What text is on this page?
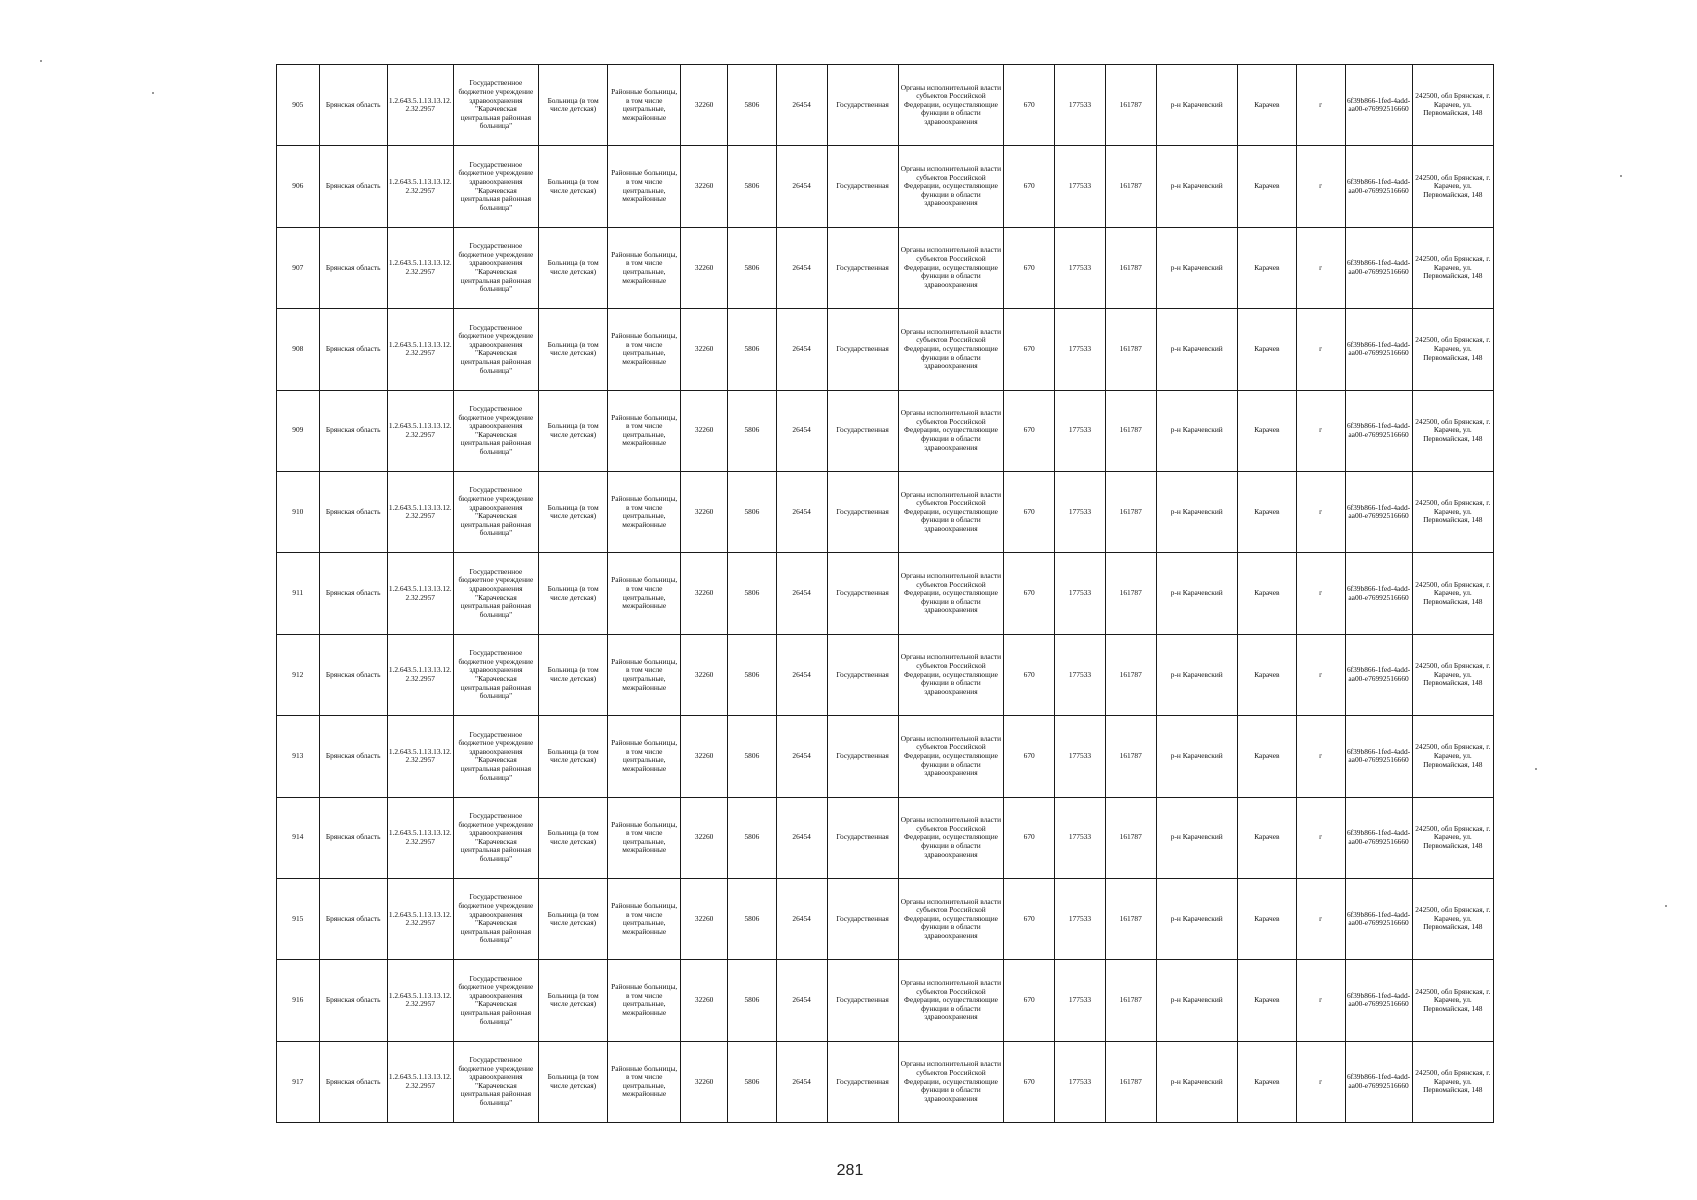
905	Брянская область	1.2.643.5.1.13.13.12.2.32.2957	Государственное бюджетное учреждение здравоохранения "Карачевская центральная районная больница"	Больница (в том числе детская)	Районные больницы, в том числе центральные, межрайонные	32260	5806	26454	Государственная	Органы исполнительной власти субъектов Российской Федерации, осуществляющие функции в области здравоохранения	670	177533	161787	р-н Карачевский	Карачев	г	6f39b866-1fed-4add-aa00-e76992516660	242500, обл Брянская, г. Карачев, ул. Первомайская, 148
906	Брянская область	1.2.643.5.1.13.13.12.2.32.2957	Государственное бюджетное учреждение здравоохранения "Карачевская центральная районная больница"	Больница (в том числе детская)	Районные больницы, в том числе центральные, межрайонные	32260	5806	26454	Государственная	Органы исполнительной власти субъектов Российской Федерации, осуществляющие функции в области здравоохранения	670	177533	161787	р-н Карачевский	Карачев	г	6f39b866-1fed-4add-aa00-e76992516660	242500, обл Брянская, г. Карачев, ул. Первомайская, 148
907	Брянская область	1.2.643.5.1.13.13.12.2.32.2957	Государственное бюджетное учреждение здравоохранения "Карачевская центральная районная больница"	Больница (в том числе детская)	Районные больницы, в том числе центральные, межрайонные	32260	5806	26454	Государственная	Органы исполнительной власти субъектов Российской Федерации, осуществляющие функции в области здравоохранения	670	177533	161787	р-н Карачевский	Карачев	г	6f39b866-1fed-4add-aa00-e76992516660	242500, обл Брянская, г. Карачев, ул. Первомайская, 148
908	Брянская область	1.2.643.5.1.13.13.12.2.32.2957	Государственное бюджетное учреждение здравоохранения "Карачевская центральная районная больница"	Больница (в том числе детская)	Районные больницы, в том числе центральные, межрайонные	32260	5806	26454	Государственная	Органы исполнительной власти субъектов Российской Федерации, осуществляющие функции в области здравоохранения	670	177533	161787	р-н Карачевский	Карачев	г	6f39b866-1fed-4add-aa00-e76992516660	242500, обл Брянская, г. Карачев, ул. Первомайская, 148
909	Брянская область	1.2.643.5.1.13.13.12.2.32.2957	Государственное бюджетное учреждение здравоохранения "Карачевская центральная районная больница"	Больница (в том числе детская)	Районные больницы, в том числе центральные, межрайонные	32260	5806	26454	Государственная	Органы исполнительной власти субъектов Российской Федерации, осуществляющие функции в области здравоохранения	670	177533	161787	р-н Карачевский	Карачев	г	6f39b866-1fed-4add-aa00-e76992516660	242500, обл Брянская, г. Карачев, ул. Первомайская, 148
910	Брянская область	1.2.643.5.1.13.13.12.2.32.2957	Государственное бюджетное учреждение здравоохранения "Карачевская центральная районная больница"	Больница (в том числе детская)	Районные больницы, в том числе центральные, межрайонные	32260	5806	26454	Государственная	Органы исполнительной власти субъектов Российской Федерации, осуществляющие функции в области здравоохранения	670	177533	161787	р-н Карачевский	Карачев	г	6f39b866-1fed-4add-aa00-e76992516660	242500, обл Брянская, г. Карачев, ул. Первомайская, 148
911	Брянская область	1.2.643.5.1.13.13.12.2.32.2957	Государственное бюджетное учреждение здравоохранения "Карачевская центральная районная больница"	Больница (в том числе детская)	Районные больницы, в том числе центральные, межрайонные	32260	5806	26454	Государственная	Органы исполнительной власти субъектов Российской Федерации, осуществляющие функции в области здравоохранения	670	177533	161787	р-н Карачевский	Карачев	г	6f39b866-1fed-4add-aa00-e76992516660	242500, обл Брянская, г. Карачев, ул. Первомайская, 148
912	Брянская область	1.2.643.5.1.13.13.12.2.32.2957	Государственное бюджетное учреждение здравоохранения "Карачевская центральная районная больница"	Больница (в том числе детская)	Районные больницы, в том числе центральные, межрайонные	32260	5806	26454	Государственная	Органы исполнительной власти субъектов Российской Федерации, осуществляющие функции в области здравоохранения	670	177533	161787	р-н Карачевский	Карачев	г	6f39b866-1fed-4add-aa00-e76992516660	242500, обл Брянская, г. Карачев, ул. Первомайская, 148
913	Брянская область	1.2.643.5.1.13.13.12.2.32.2957	Государственное бюджетное учреждение здравоохранения "Карачевская центральная районная больница"	Больница (в том числе детская)	Районные больницы, в том числе центральные, межрайонные	32260	5806	26454	Государственная	Органы исполнительной власти субъектов Российской Федерации, осуществляющие функции в области здравоохранения	670	177533	161787	р-н Карачевский	Карачев	г	6f39b866-1fed-4add-aa00-e76992516660	242500, обл Брянская, г. Карачев, ул. Первомайская, 148
914	Брянская область	1.2.643.5.1.13.13.12.2.32.2957	Государственное бюджетное учреждение здравоохранения "Карачевская центральная районная больница"	Больница (в том числе детская)	Районные больницы, в том числе центральные, межрайонные	32260	5806	26454	Государственная	Органы исполнительной власти субъектов Российской Федерации, осуществляющие функции в области здравоохранения	670	177533	161787	р-н Карачевский	Карачев	г	6f39b866-1fed-4add-aa00-e76992516660	242500, обл Брянская, г. Карачев, ул. Первомайская, 148
915	Брянская область	1.2.643.5.1.13.13.12.2.32.2957	Государственное бюджетное учреждение здравоохранения "Карачевская центральная районная больница"	Больница (в том числе детская)	Районные больницы, в том числе центральные, межрайонные	32260	5806	26454	Государственная	Органы исполнительной власти субъектов Российской Федерации, осуществляющие функции в области здравоохранения	670	177533	161787	р-н Карачевский	Карачев	г	6f39b866-1fed-4add-aa00-e76992516660	242500, обл Брянская, г. Карачев, ул. Первомайская, 148
916	Брянская область	1.2.643.5.1.13.13.12.2.32.2957	Государственное бюджетное учреждение здравоохранения "Карачевская центральная районная больница"	Больница (в том числе детская)	Районные больницы, в том числе центральные, межрайонные	32260	5806	26454	Государственная	Органы исполнительной власти субъектов Российской Федерации, осуществляющие функции в области здравоохранения	670	177533	161787	р-н Карачевский	Карачев	г	6f39b866-1fed-4add-aa00-e76992516660	242500, обл Брянская, г. Карачев, ул. Первомайская, 148
917	Брянская область	1.2.643.5.1.13.13.12.2.32.2957	Государственное бюджетное учреждение здравоохранения "Карачевская центральная районная больница"	Больница (в том числе детская)	Районные больницы, в том числе центральные, межрайонные	32260	5806	26454	Государственная	Органы исполнительной власти субъектов Российской Федерации, осуществляющие функции в области здравоохранения	670	177533	161787	р-н Карачевский	Карачев	г	6f39b866-1fed-4add-aa00-e76992516660	242500, обл Брянская, г. Карачев, ул. Первомайская, 148
281
